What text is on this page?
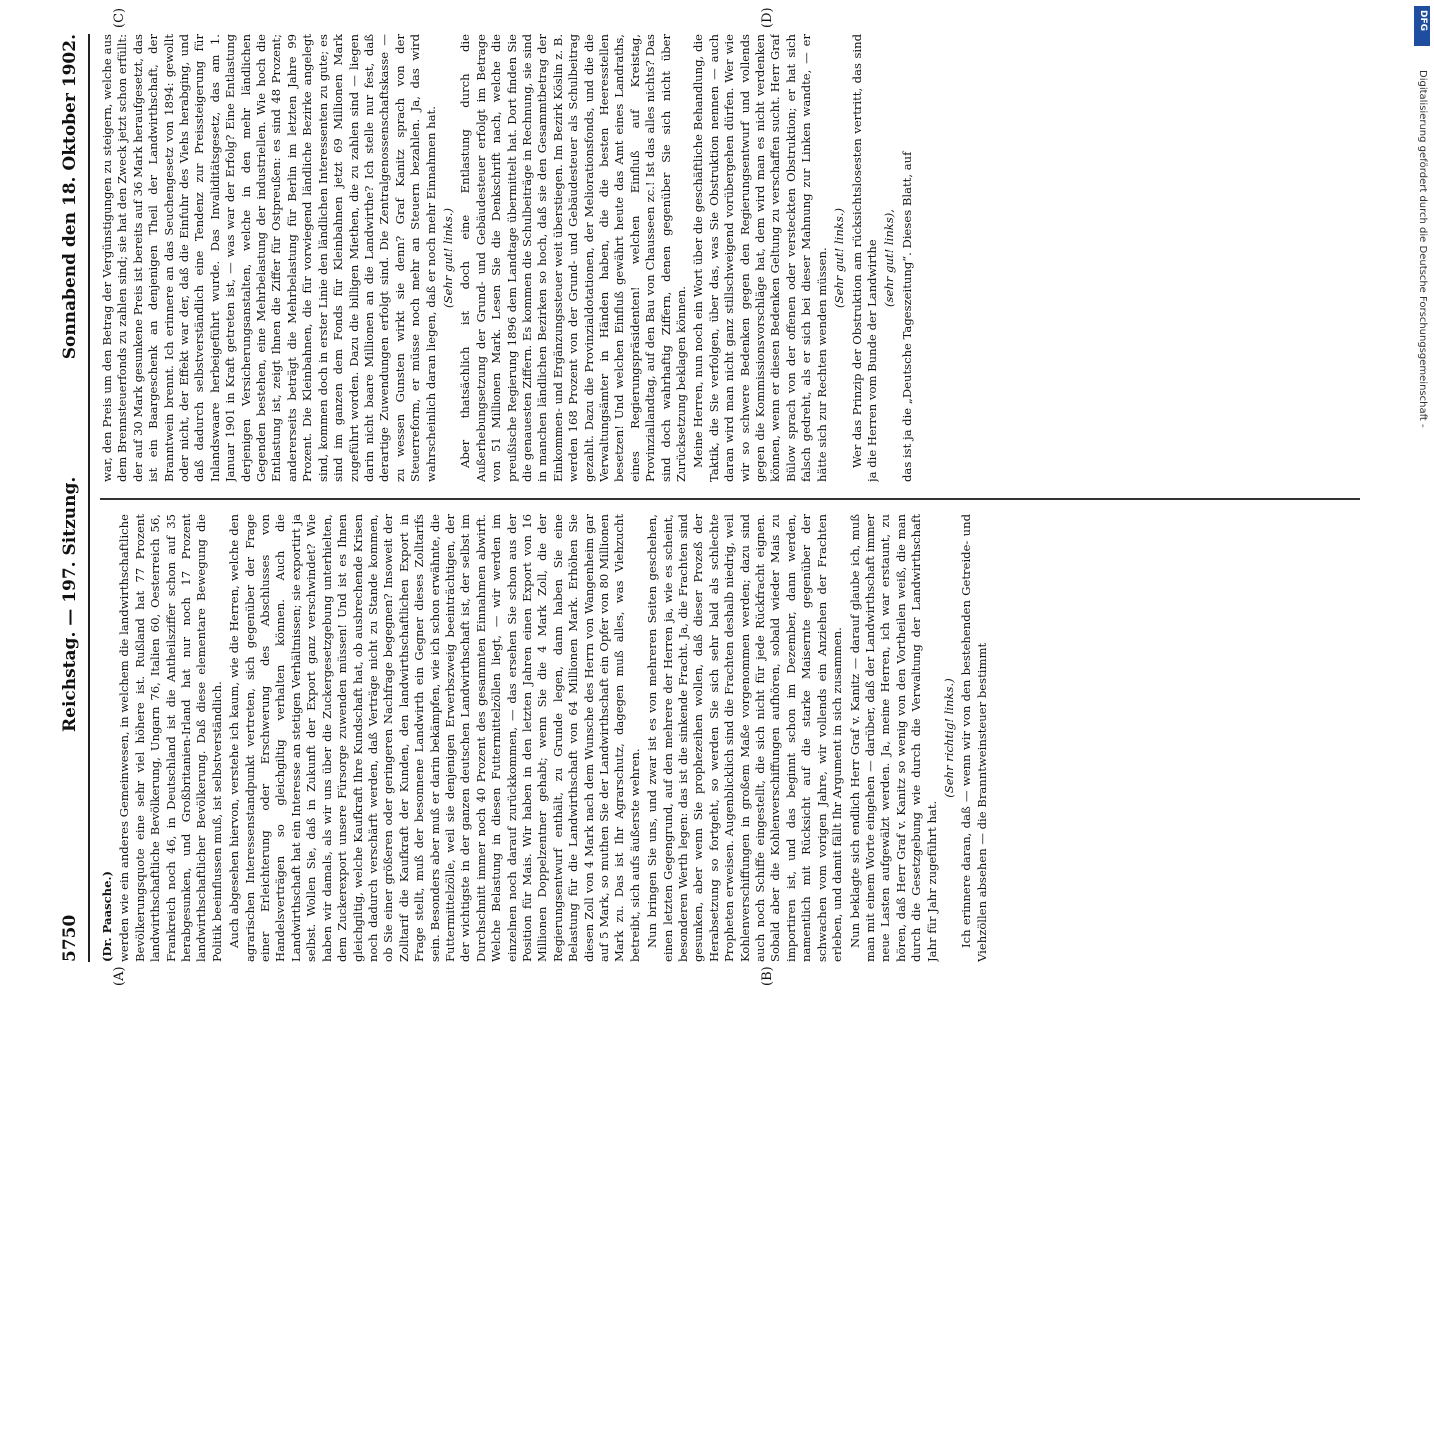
5750
Reichstag. — 197. Sitzung.
Sonnabend den 18. Oktober 1902.
(A)	(B)
(C)	(D)

(Dr. Paasche.) werden wie ein anderes Gemeinwesen, in welchem die landwirthschaftliche Bevölkerungsquote eine sehr viel höhere ist. Rußland hat 77 Prozent landwirthschaftliche Bevölkerung, Ungarn 76, Italien 60, Oesterreich 56, Frankreich noch 46, in Deutschland ist die Antheilsziffer schon auf 35 herabgesunken, und Großbritanien-Irland hat nur noch 17 Prozent landwirthschaftlicher Bevölkerung. Daß diese elementare Bewegung die Politik beeinflussen muß, ist selbstverständlich. Auch abgesehen hiervon, verstehe ich kaum, wie die Herren, welche den agrarischen Interessenstandpunkt vertreten, sich gegenüber der Frage einer Erleichterung oder Erschwerung des Abschlusses von Handelsverträgen so gleichgiltig verhalten können. Auch die Landwirthschaft hat ein Interesse an stetigen Verhältnissen; sie exportirt ja selbst. Wollen Sie, daß in Zukunft der Export ganz verschwindet? Wie haben wir damals, als wir uns über die Zuckergesetzgebung unterhielten, dem Zuckerexport unsere Fürsorge zuwenden müssen! Und ist es Ihnen gleichgiltig, welche Kaufkraft Ihre Kundschaft hat, ob ausbrechende Krisen noch dadurch verschärft werden, daß Verträge nicht zu Stande kommen, ob Sie einer größeren oder geringeren Nachfrage begegnen? Insoweit der Zolltarif die Kaufkraft der Kunden, den landwirthschaftlichen Export in Frage stellt, muß der besonnene Landwirth ein Gegner dieses Zolltarifs sein. Besonders aber muß er darin bekämpfen, wie ich schon erwähnte, die Futtermittelzölle, weil sie denjenigen Erwerbszweig beeinträchtigen, der der wichtigste in der ganzen deutschen Landwirthschaft ist, der selbst im Durchschnitt immer noch 40 Prozent des gesammten Einnahmen abwirft. Welche Belastung in diesen Futtermittelzöllen liegt, — wir werden im einzelnen noch darauf zurückkommen, — das ersehen Sie schon aus der Position für Mais. Wir haben in den letzten Jahren einen Export von 16 Millionen Doppelzentner gehabt; wenn Sie die 4 Mark Zoll, die der Regierungsentwurf enthält, zu Grunde legen, dann haben Sie eine Belastung für die Landwirthschaft von 64 Millionen Mark. Erhöhen Sie diesen Zoll von 4 Mark nach dem Wunsche des Herrn von Wangenheim gar auf 5 Mark, so muthen Sie der Landwirthschaft ein Opfer von 80 Millionen Mark zu. Das ist Ihr Agrarschutz, dagegen muß alles, was Viehzucht betreibt, sich aufs äußerste wehren. Nun bringen Sie uns, und zwar ist es von mehreren Seiten geschehen, einen letzten Gegengrund, auf den mehrere der Herren ja, wie es scheint, besonderen Werth legen: das ist die sinkende Fracht. Ja, die Frachten sind gesunken, aber wenn Sie prophezeihen wollen, daß dieser Prozeß der Herabsetzung so fortgeht, so werden Sie sich sehr bald als schlechte Propheten erweisen. Augenblicklich sind die Frachten deshalb niedrig, weil Kohlenverschiffungen in großem Maße vorgenommen werden; dazu sind auch noch Schiffe eingestellt, die sich nicht für jede Rückfracht eignen. Sobald aber die Kohlenverschiffungen aufhören, sobald wieder Mais zu importiren ist, und das beginnt schon im Dezember, dann werden, namentlich mit Rücksicht auf die starke Maisernte gegenüber der schwachen vom vorigen Jahre, wir vollends ein Anziehen der Frachten erleben, und damit fällt Ihr Argument in sich zusammen. Nun beklagte sich endlich Herr Graf v. Kanitz — darauf glaube ich, muß man mit einem Worte eingehen — darüber, daß der Landwirthschaft immer neue Lasten aufgewälzt werden. Ja, meine Herren, ich war erstaunt, zu hören, daß Herr Graf v. Kanitz so wenig von den Vortheilen weiß, die man durch die Gesetzgebung wie durch die Verwaltung der Landwirthschaft Jahr für Jahr zugeführt hat.

(Sehr richtig! links.) Ich erinnere daran, daß — wenn wir von den bestehenden Getreide- und Viehzöllen absehen — die Branntweinsteuer bestimmt

war, den Preis um den Betrag der Vergünstigungen zu steigern, welche aus dem Brennsteuerfonds zu zahlen sind; sie hat den Zweck jetzt schon erfüllt: der auf 30 Mark gesunkene Preis ist bereits auf 36 Mark heraufgesetzt, das ist ein Baargeschenk an denjenigen Theil der Landwirthschaft, der Branntwein brennt. Ich erinnere an das Seuchengesetz von 1894: gewollt oder nicht, der Effekt war der, daß die Einfuhr des Viehs herabging, und daß dadurch selbstverständlich eine Tendenz zur Preissteigerung für Inlandswaare herbeigeführt wurde. Das Invaliditätsgesetz, das am 1. Januar 1901 in Kraft getreten ist, — was war der Erfolg? Eine Entlastung derjenigen Versicherungsanstalten, welche in den mehr ländlichen Gegenden bestehen, eine Mehrbelastung der industriellen. Wie hoch die Entlastung ist, zeigt Ihnen die Ziffer für Ostpreußen: es sind 48 Prozent; andererseits beträgt die Mehrbelastung für Berlin im letzten Jahre 99 Prozent. Die Kleinbahnen, die für vorwiegend ländliche Bezirke angelegt sind, kommen doch in erster Linie den ländlichen Interessenten zu gute; es sind im ganzen dem Fonds für Kleinbahnen jetzt 69 Millionen Mark zugeführt worden. Dazu die billigen Miethen, die zu zahlen sind — liegen darin nicht baare Millionen an die Landwirthe? Ich stelle nur fest, daß derartige Zuwendungen erfolgt sind. Die Zentralgenossenschaftskasse — zu wessen Gunsten wirkt sie denn? Graf Kanitz sprach von der Steuerreform, er müsse noch mehr an Steuern bezahlen. Ja, das wird wahrscheinlich daran liegen, daß er noch mehr Einnahmen hat. (Sehr gut! links.) Aber thatsächlich ist doch eine Entlastung durch die Außerhebungsetzung der Grund- und Gebäudesteuer erfolgt im Betrage von 51 Millionen Mark. Lesen Sie die Denkschrift nach, welche die preußische Regierung 1896 dem Landtage übermittelt hat. Dort finden Sie die genauesten Ziffern. Es kommen die Schulbeiträge in Rechnung, sie sind in manchen ländlichen Bezirken so hoch, daß sie den Gesammtbetrag der Einkommen- und Ergänzungssteuer weit überstiegen. Im Bezirk Köslin z. B. werden 168 Prozent von der Grund- und Gebäudesteuer als Schulbeitrag gezahlt. Dazu die Provinzialdotationen, der Meliorationsfonds, und die die Verwaltungsämter in Händen haben, die die besten Heeresstellen besetzen! Und welchen Einfluß gewährt heute das Amt eines Landraths, eines Regierungspräsidenten! welchen Einfluß auf Kreistag, Provinziallandtag, auf den Bau von Chausseen zc.! Ist das alles nichts? Das sind doch wahrhaftig Ziffern, denen gegenüber Sie sich nicht über Zurücksetzung beklagen können. Meine Herren, nun noch ein Wort über die geschäftliche Behandlung, die Taktik, die Sie verfolgen, über das, was Sie Obstruktion nennen — auch daran wird man nicht ganz stillschweigend vorübergehen dürfen. Wer wie wir so schwere Bedenken gegen den Regierungsentwurf und vollends gegen die Kommissionsvorschläge hat, dem wird man es nicht verdenken können, wenn er diesen Bedenken Geltung zu verschaffen sucht. Herr Graf Bülow sprach von der offenen oder versteckten Obstruktion; er hat sich falsch gedreht, als er sich bei dieser Mahnung zur Linken wandte, — er hätte sich zur Rechten wenden müssen. (Sehr gut! links.) Wer das Prinzip der Obstruktion am rücksichtslosesten vertritt, das sind ja die Herren vom Bunde der Landwirthe (sehr gut! links), das ist ja die „Deutsche Tageszeitung“. Dieses Blatt, auf	Digitalisierung gefördert durch die Deutsche Forschungsgemeinschaft -
DFG
